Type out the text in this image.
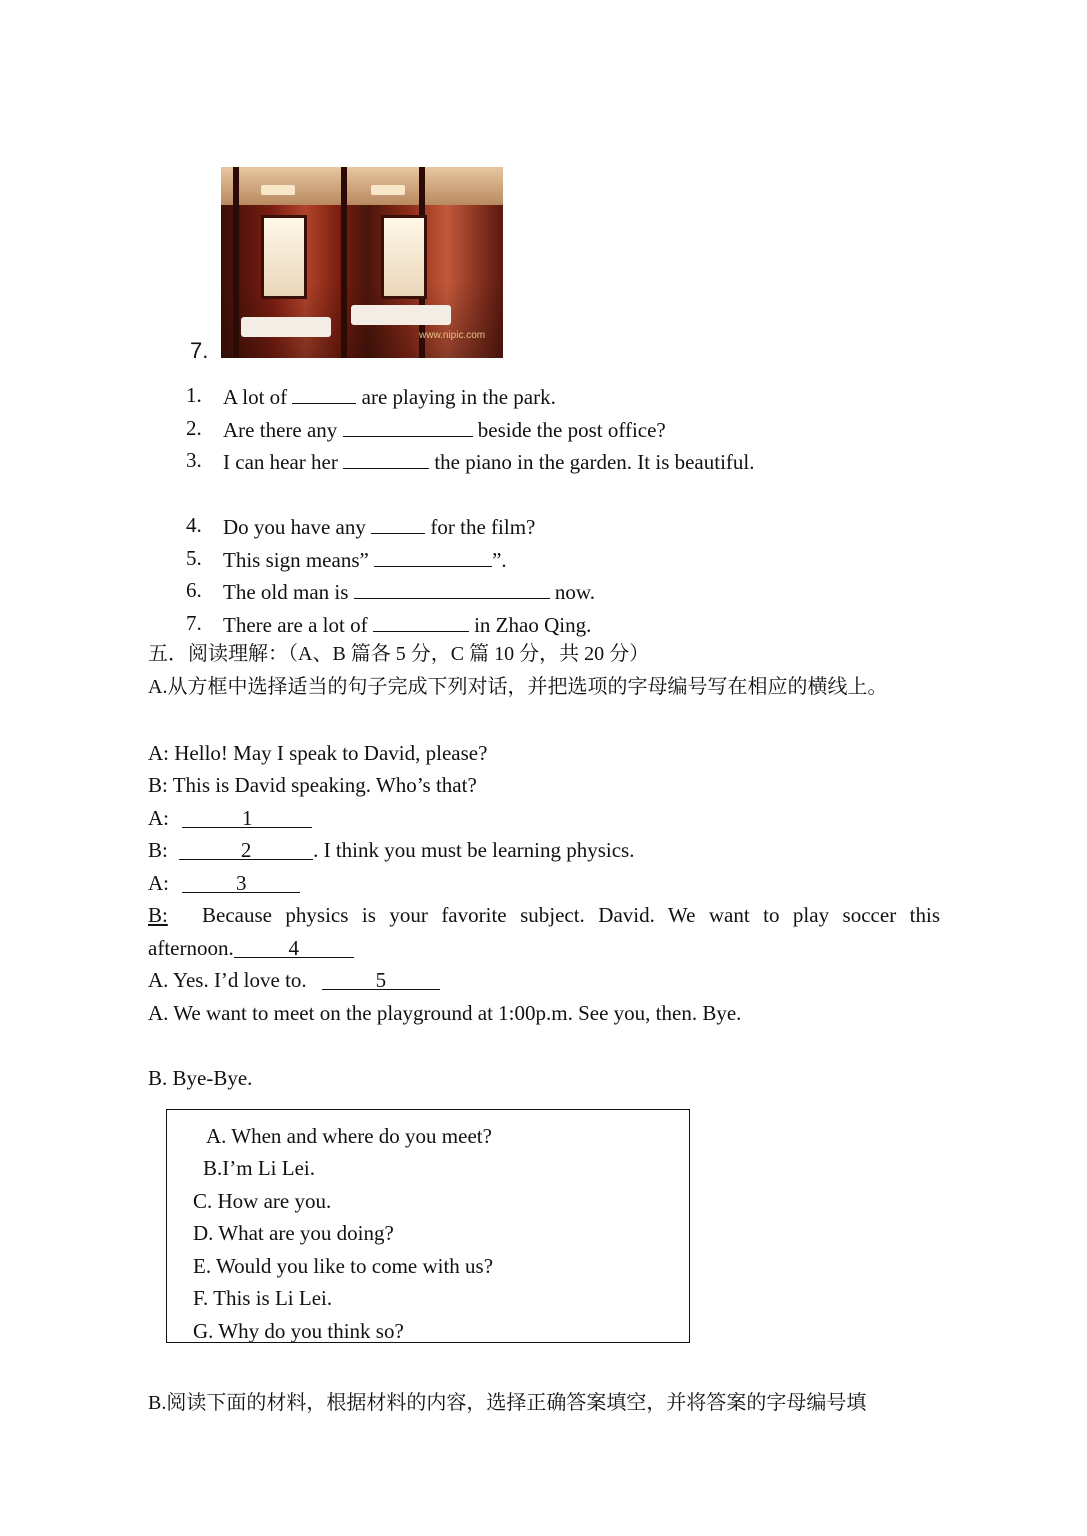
7.
www.nipic.com
1. A lot of	are playing in the park.
2. Are there any	beside the post office?
3. I can hear her	the piano in the garden. It is beautiful.
4. Do you have any	for the film?
5. This sign means”	”.
6. The old man is	now.
7. There are a lot of	in Zhao Qing.
五．阅读理解：（A、B 篇各 5 分，C 篇 10 分，共 20 分）
A.从方框中选择适当的句子完成下列对话，并把选项的字母编号写在相应的横线上。
A: Hello! May I speak to David, please?
B: This is David speaking. Who’s that?
A:	1
B:	2	. I think you must be learning physics.
A:	3
B: Because physics is your favorite subject. David. We want to play soccer this
afternoon.	4
A. Yes. I’d love to.	5
A. We want to meet on the playground at 1:00p.m. See you, then. Bye.
B. Bye-Bye.
A. When and where do you meet?
B.I’m Li Lei.
C. How are you.
D. What are you doing?
E. Would you like to come with us?
F. This is Li Lei.
G. Why do you think so?
B.阅读下面的材料，根据材料的内容，选择正确答案填空，并将答案的字母编号填
